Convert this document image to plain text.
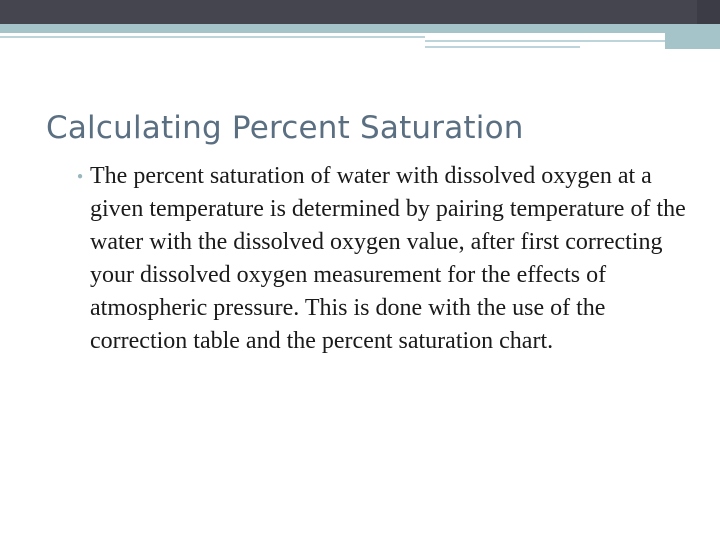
Calculating Percent Saturation
• The percent saturation of water with dissolved oxygen at a given temperature is determined by pairing temperature of the water with the dissolved oxygen value, after first correcting your dissolved oxygen measurement for the effects of atmospheric pressure. This is done with the use of the correction table and the percent saturation chart.
